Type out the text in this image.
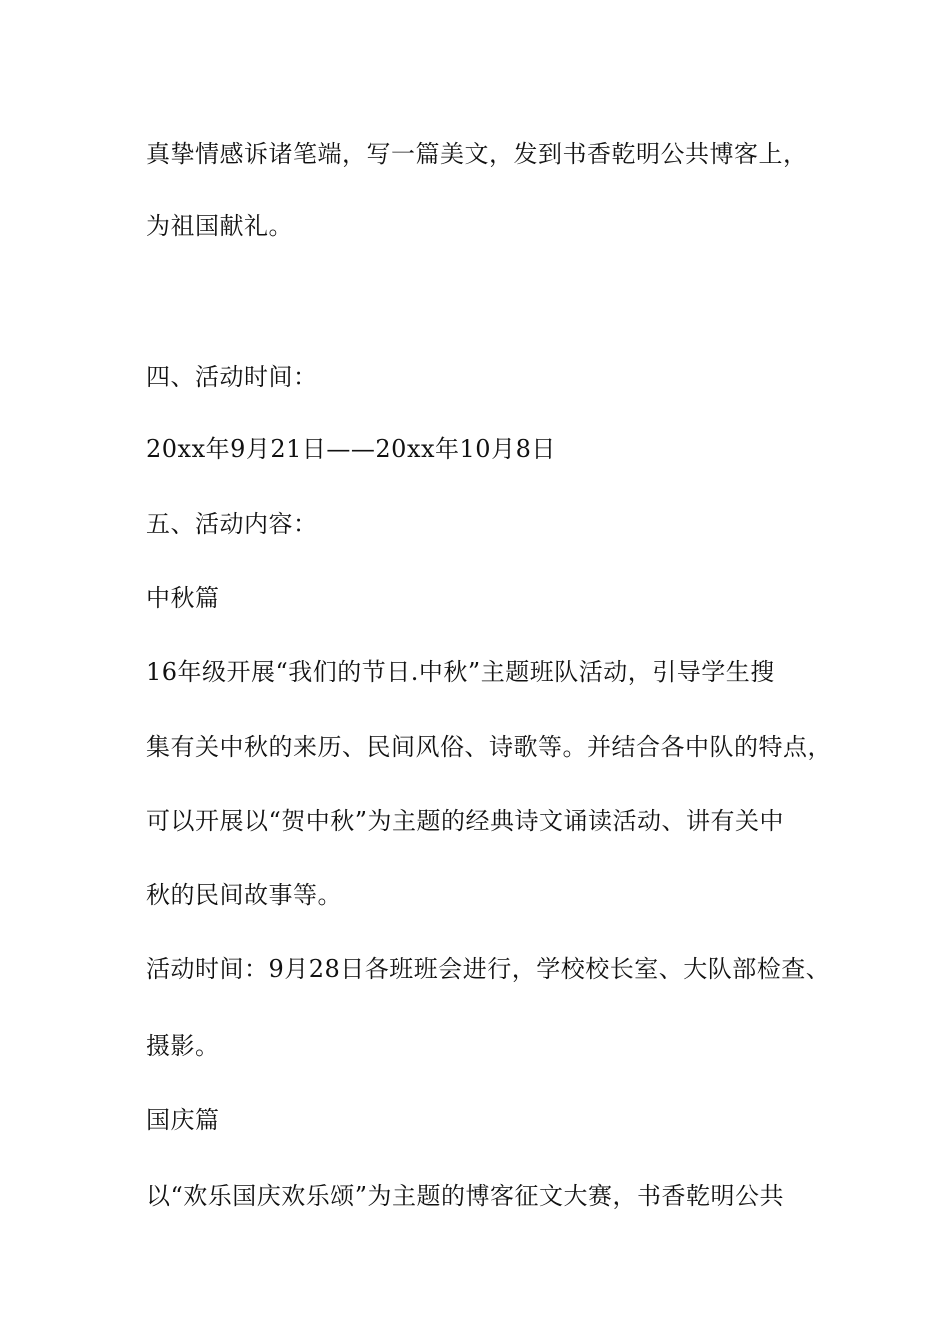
真挚情感诉诸笔端，写一篇美文，发到书香乾明公共博客上，
为祖国献礼。
四、活动时间：
20xx年9月21日——20xx年10月8日
五、活动内容：
中秋篇
16年级开展“我们的节日.中秋”主题班队活动，引导学生搜
集有关中秋的来历、民间风俗、诗歌等。并结合各中队的特点，
可以开展以“贺中秋”为主题的经典诗文诵读活动、讲有关中
秋的民间故事等。
活动时间：9月28日各班班会进行，学校校长室、大队部检查、
摄影。
国庆篇
以“欢乐国庆欢乐颂”为主题的博客征文大赛，书香乾明公共
